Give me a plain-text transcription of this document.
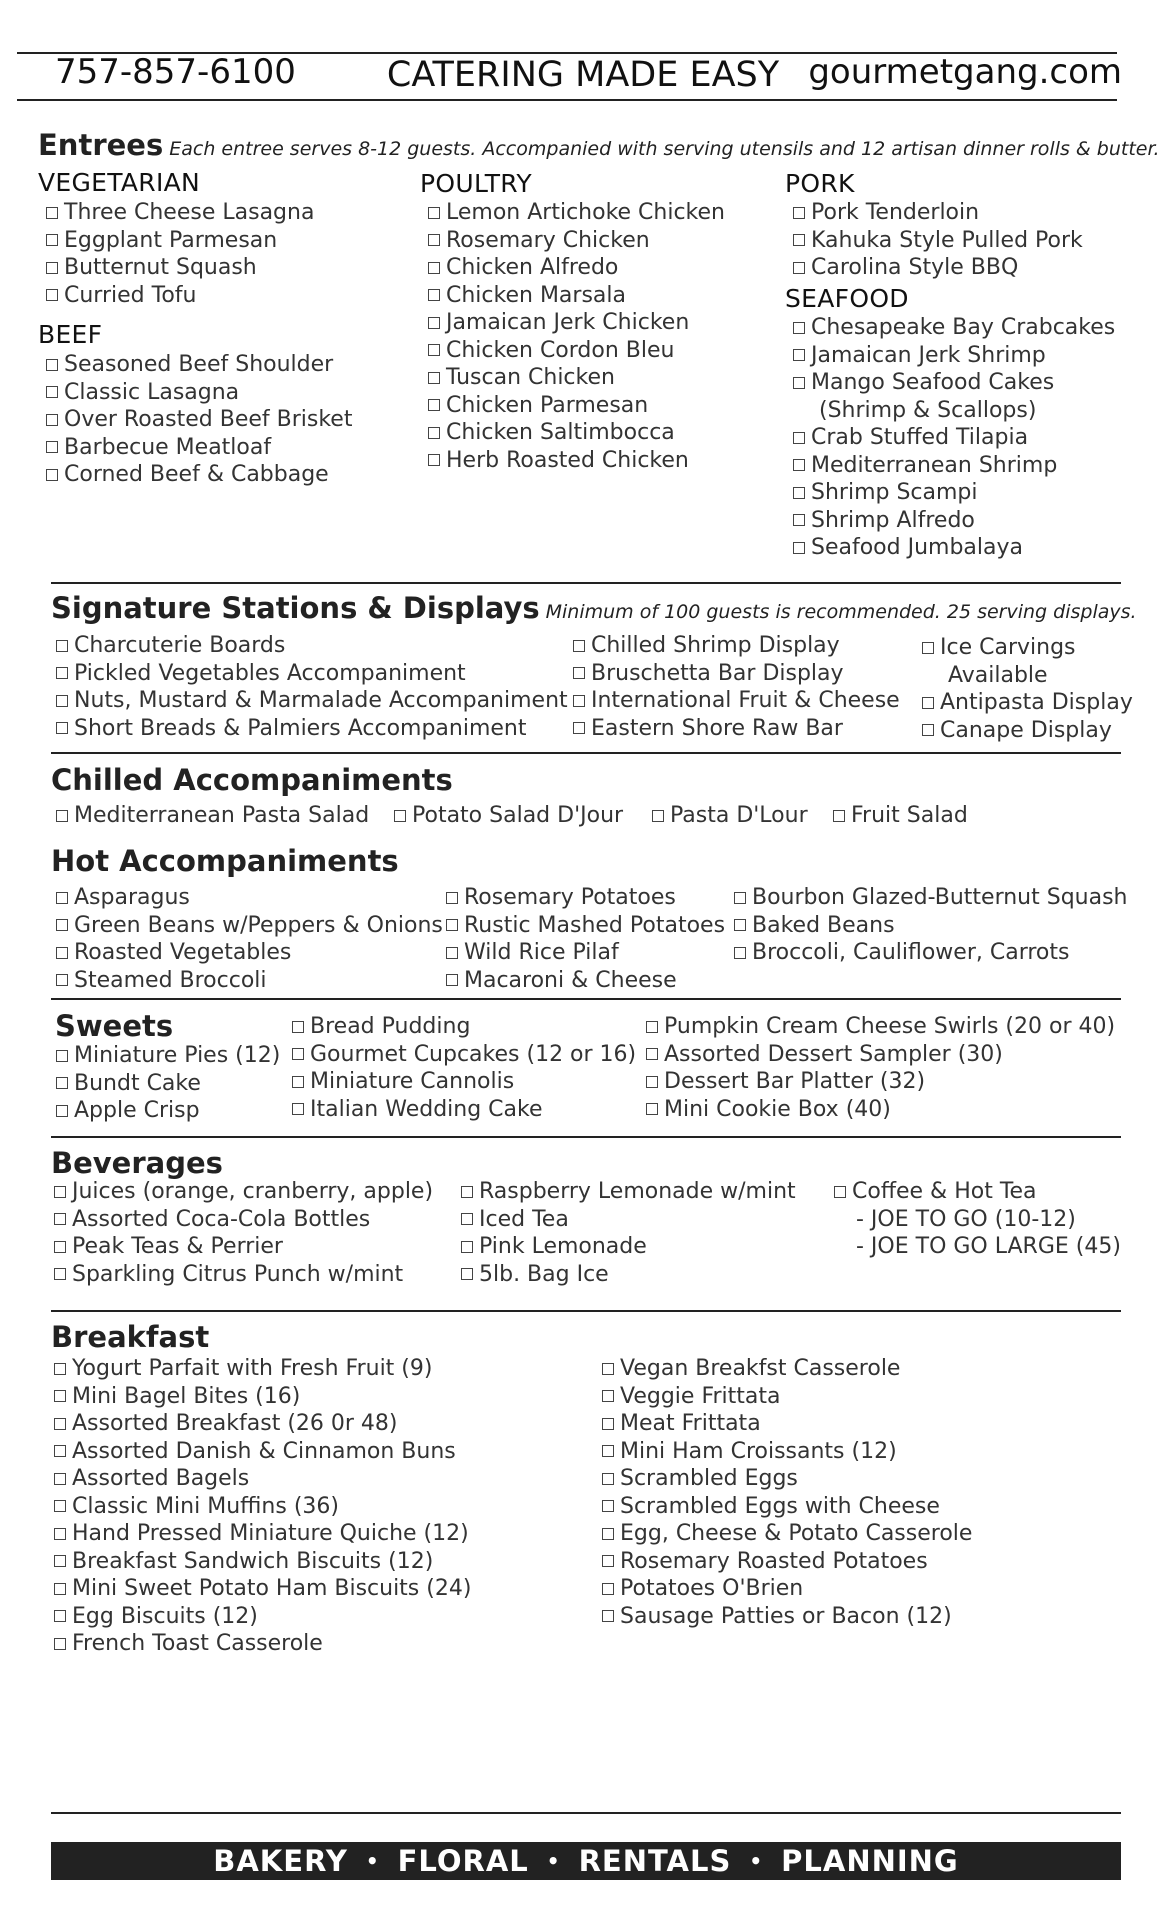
757-857-6100	CATERING MADE EASY gourmetgang.com
Entrees Each entree serves 8-12 guests. Accompanied with serving utensils and 12 artisan dinner rolls & butter.
VEGETARIAN
Three Cheese Lasagna
Eggplant Parmesan
Butternut Squash
Curried Tofu
BEEF
Seasoned Beef Shoulder
Classic Lasagna
Over Roasted Beef Brisket
Barbecue Meatloaf
Corned Beef & Cabbage
POULTRY
Lemon Artichoke Chicken
Rosemary Chicken
Chicken Alfredo
Chicken Marsala
Jamaican Jerk Chicken
Chicken Cordon Bleu
Tuscan Chicken
Chicken Parmesan
Chicken Saltimbocca
Herb Roasted Chicken
PORK
Pork Tenderloin
Kahuka Style Pulled Pork
Carolina Style BBQ
SEAFOOD
Chesapeake Bay Crabcakes
Jamaican Jerk Shrimp
Mango Seafood Cakes
(Shrimp & Scallops)
Crab Stuffed Tilapia
Mediterranean Shrimp
Shrimp Scampi
Shrimp Alfredo
Seafood Jumbalaya
Signature Stations & Displays Minimum of 100 guests is recommended. 25 serving displays.
Charcuterie Boards
Pickled Vegetables Accompaniment
Nuts, Mustard & Marmalade Accompaniment
Short Breads & Palmiers Accompaniment
Chilled Shrimp Display
Bruschetta Bar Display
International Fruit & Cheese
Eastern Shore Raw Bar
Ice Carvings
Available
Antipasta Display
Canape Display
Chilled Accompaniments
Mediterranean Pasta Salad Potato Salad D'Jour Pasta D'Lour Fruit Salad
Hot Accompaniments
Asparagus
Green Beans w/Peppers & Onions
Roasted Vegetables
Steamed Broccoli
Rosemary Potatoes
Rustic Mashed Potatoes
Wild Rice Pilaf
Macaroni & Cheese
Bourbon Glazed-Butternut Squash
Baked Beans
Broccoli, Cauliflower, Carrots
Sweets
Miniature Pies (12)
Bundt Cake
Apple Crisp
Bread Pudding
Gourmet Cupcakes (12 or 16)
Miniature Cannolis
Italian Wedding Cake
Pumpkin Cream Cheese Swirls (20 or 40)
Assorted Dessert Sampler (30)
Dessert Bar Platter (32)
Mini Cookie Box (40)
Beverages
Juices (orange, cranberry, apple)
Assorted Coca-Cola Bottles
Peak Teas & Perrier
Sparkling Citrus Punch w/mint
Raspberry Lemonade w/mint
Iced Tea
Pink Lemonade
5lb. Bag Ice
Coffee & Hot Tea
- JOE TO GO (10-12)
- JOE TO GO LARGE (45)
Breakfast
Yogurt Parfait with Fresh Fruit (9)
Mini Bagel Bites (16)
Assorted Breakfast (26 0r 48)
Assorted Danish & Cinnamon Buns
Assorted Bagels
Classic Mini Muffins (36)
Hand Pressed Miniature Quiche (12)
Breakfast Sandwich Biscuits (12)
Mini Sweet Potato Ham Biscuits (24)
Egg Biscuits (12)
French Toast Casserole
Vegan Breakfst Casserole
Veggie Frittata
Meat Frittata
Mini Ham Croissants (12)
Scrambled Eggs
Scrambled Eggs with Cheese
Egg, Cheese & Potato Casserole
Rosemary Roasted Potatoes
Potatoes O'Brien
Sausage Patties or Bacon (12)
BAKERY • FLORAL • RENTALS • PLANNING
